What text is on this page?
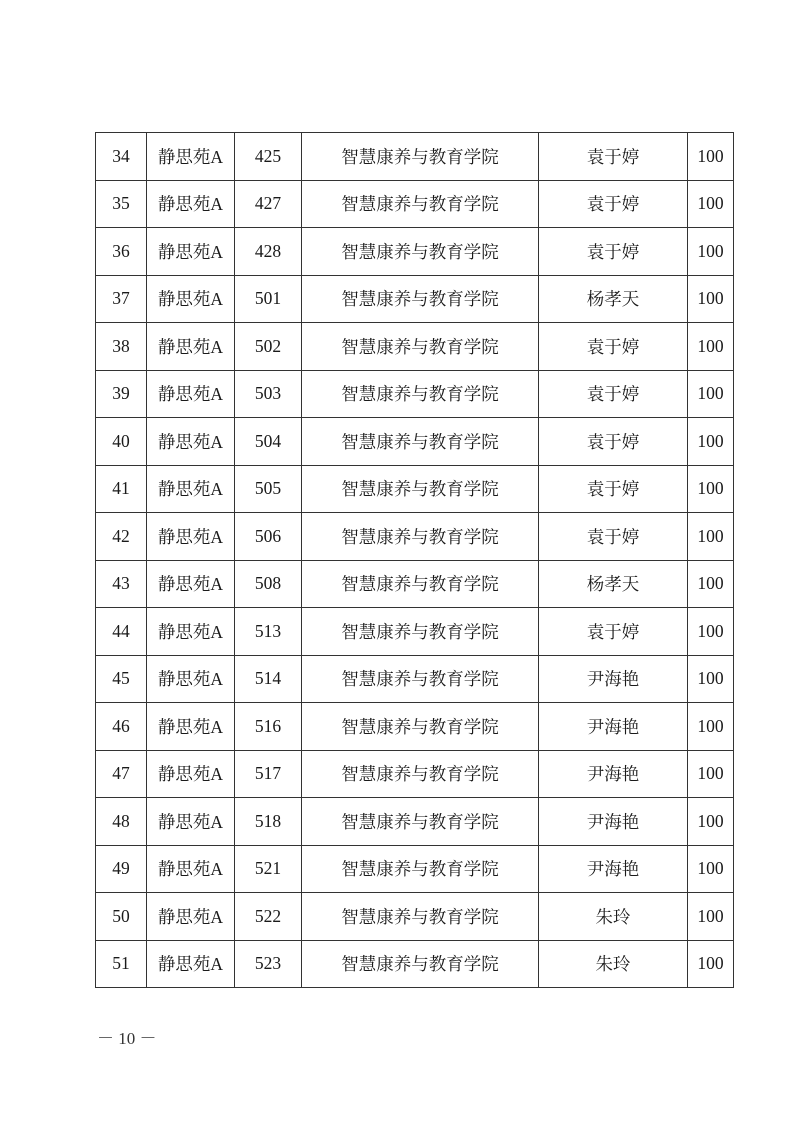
34	静思苑A	425	智慧康养与教育学院	袁于婷	100
35	静思苑A	427	智慧康养与教育学院	袁于婷	100
36	静思苑A	428	智慧康养与教育学院	袁于婷	100
37	静思苑A	501	智慧康养与教育学院	杨孝天	100
38	静思苑A	502	智慧康养与教育学院	袁于婷	100
39	静思苑A	503	智慧康养与教育学院	袁于婷	100
40	静思苑A	504	智慧康养与教育学院	袁于婷	100
41	静思苑A	505	智慧康养与教育学院	袁于婷	100
42	静思苑A	506	智慧康养与教育学院	袁于婷	100
43	静思苑A	508	智慧康养与教育学院	杨孝天	100
44	静思苑A	513	智慧康养与教育学院	袁于婷	100
45	静思苑A	514	智慧康养与教育学院	尹海艳	100
46	静思苑A	516	智慧康养与教育学院	尹海艳	100
47	静思苑A	517	智慧康养与教育学院	尹海艳	100
48	静思苑A	518	智慧康养与教育学院	尹海艳	100
49	静思苑A	521	智慧康养与教育学院	尹海艳	100
50	静思苑A	522	智慧康养与教育学院	朱玲	100
51	静思苑A	523	智慧康养与教育学院	朱玲	100
－ 10 －
